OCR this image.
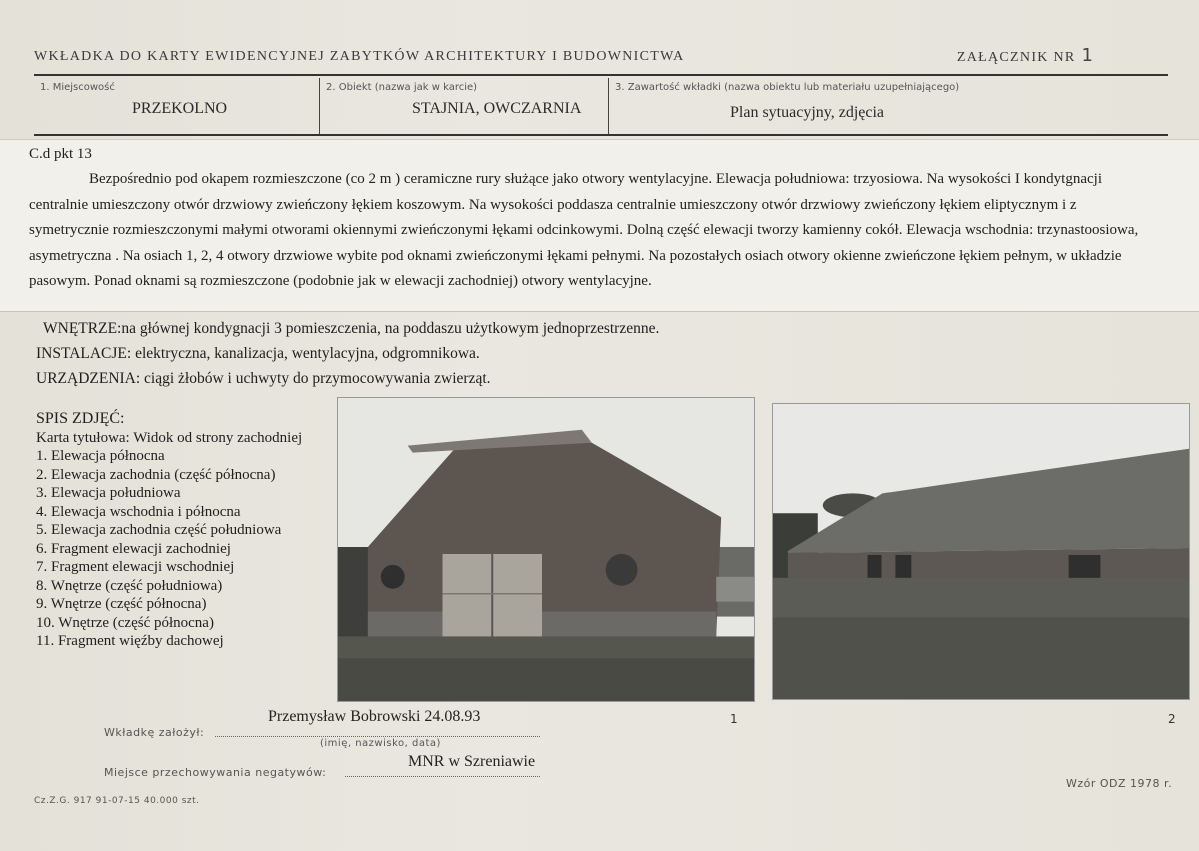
WKŁADKA DO KARTY EWIDENCYJNEJ ZABYTKÓW ARCHITEKTURY I BUDOWNICTWA	ZAŁĄCZNIK NR 1
1. Miejscowość
PRZEKOLNO
2. Obiekt (nazwa jak w karcie)
STAJNIA, OWCZARNIA
3. Zawartość wkładki (nazwa obiektu lub materiału uzupełniającego)
Plan sytuacyjny, zdjęcia
C.d pkt 13
Bezpośrednio pod okapem rozmieszczone (co 2 m ) ceramiczne rury służące jako otwory wentylacyjne. Elewacja południowa: trzyosiowa. Na wysokości I kondytgnacji centralnie umieszczony otwór drzwiowy zwieńczony łękiem koszowym. Na wysokości poddasza centralnie umieszczony otwór drzwiowy zwieńczony łękiem eliptycznym i z symetrycznie rozmieszczonymi małymi otworami okiennymi zwieńczonymi łękami odcinkowymi. Dolną część elewacji tworzy kamienny cokół. Elewacja wschodnia: trzynastoosiowa, asymetryczna . Na osiach 1, 2, 4 otwory drzwiowe wybite pod oknami zwieńczonymi łękami pełnymi. Na pozostałych osiach otwory okienne zwieńczone łękiem pełnym, w układzie pasowym. Ponad oknami są rozmieszczone (podobnie jak w elewacji zachodniej) otwory wentylacyjne.
WNĘTRZE:na głównej kondygnacji 3 pomieszczenia, na poddaszu użytkowym jednoprzestrzenne.
INSTALACJE: elektryczna, kanalizacja, wentylacyjna, odgromnikowa.
URZĄDZENIA: ciągi żłobów i uchwyty do przymocowywania zwierząt.
SPIS ZDJĘĆ:
Karta tytułowa: Widok od strony zachodniej
1. Elewacja północna
2. Elewacja zachodnia (część północna)
3. Elewacja południowa
4. Elewacja wschodnia i północna
5. Elewacja zachodnia część południowa
6. Fragment elewacji zachodniej
7. Fragment elewacji wschodniej
8. Wnętrze (część południowa)
9. Wnętrze (część północna)
10. Wnętrze (część północna)
11. Fragment więźby dachowej
1	2
Wkładkę założył:
Przemysław Bobrowski 24.08.93
(imię, nazwisko, data)
Miejsce przechowywania negatywów:
MNR w Szreniawie
Cz.Z.G. 917 91-07-15 40.000 szt.
Wzór ODZ 1978 r.
